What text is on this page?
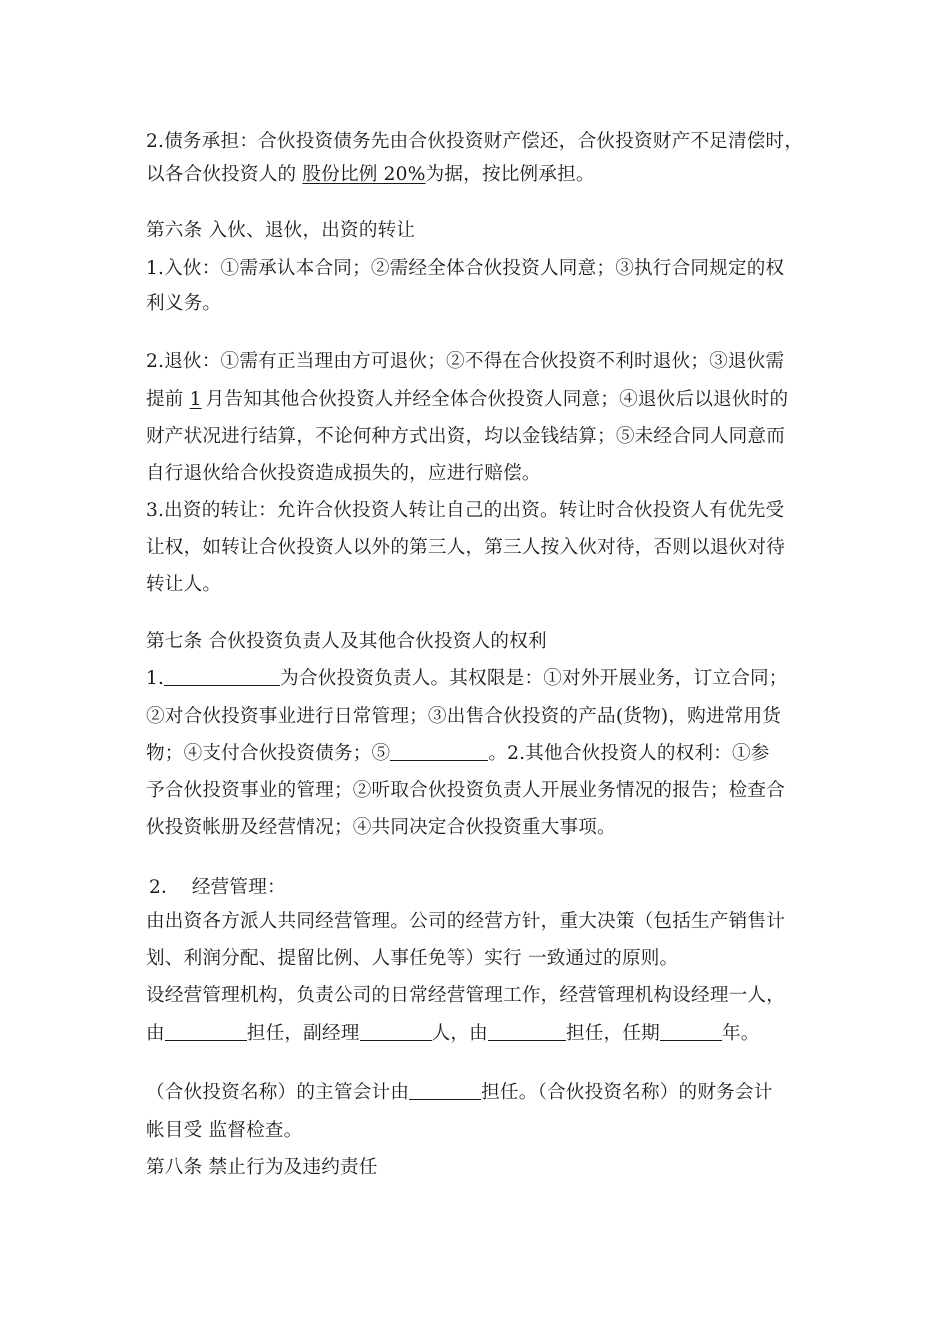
2.债务承担：合伙投资债务先由合伙投资财产偿还，合伙投资财产不足清偿时，
以各合伙投资人的 股份比例 20%为据，按比例承担。
第六条 入伙、退伙，出资的转让
1.入伙：①需承认本合同；②需经全体合伙投资人同意；③执行合同规定的权
利义务。
2.退伙：①需有正当理由方可退伙；②不得在合伙投资不利时退伙；③退伙需
提前 1 月告知其他合伙投资人并经全体合伙投资人同意；④退伙后以退伙时的
财产状况进行结算，不论何种方式出资，均以金钱结算；⑤未经合同人同意而
自行退伙给合伙投资造成损失的，应进行赔偿。
3.出资的转让：允许合伙投资人转让自己的出资。转让时合伙投资人有优先受
让权，如转让合伙投资人以外的第三人，第三人按入伙对待，否则以退伙对待
转让人。
第七条 合伙投资负责人及其他合伙投资人的权利
1.	为合伙投资负责人。其权限是：①对外开展业务，订立合同；
②对合伙投资事业进行日常管理；③出售合伙投资的产品(货物)，购进常用货
物；④支付合伙投资债务；⑤	。2.其他合伙投资人的权利：①参
予合伙投资事业的管理；②听取合伙投资负责人开展业务情况的报告；检查合
伙投资帐册及经营情况；④共同决定合伙投资重大事项。
2． 经营管理：
由出资各方派人共同经营管理。公司的经营方针，重大决策（包括生产销售计
划、利润分配、提留比例、人事任免等）实行 一致通过的原则。
设经营管理机构，负责公司的日常经营管理工作，经营管理机构设经理一人，
由	担任，副经理	人，由	担任，任期	年。
（合伙投资名称）的主管会计由	担任。（合伙投资名称）的财务会计
帐目受 监督检查。
第八条 禁止行为及违约责任
